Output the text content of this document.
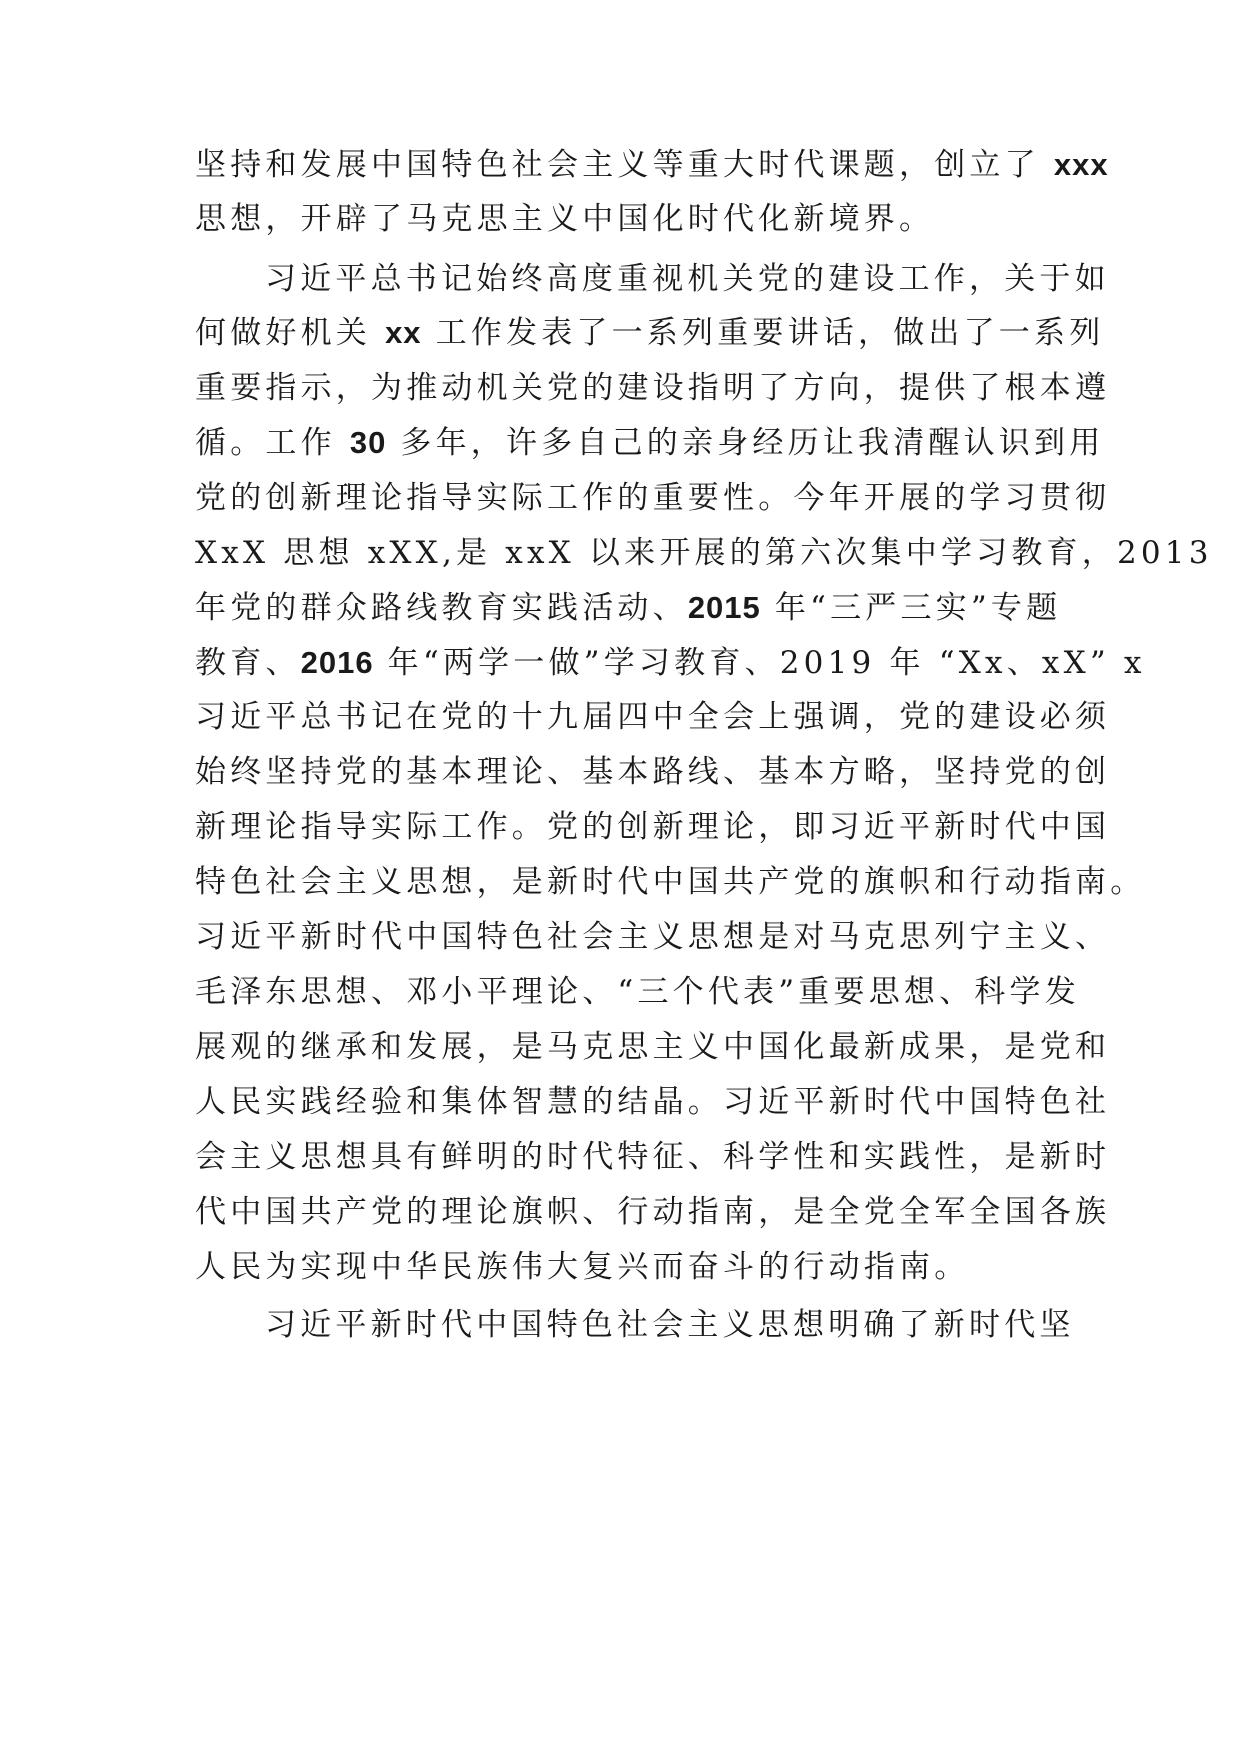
坚持和发展中国特色社会主义等重大时代课题，创立了 xxx
思想，开辟了马克思主义中国化时代化新境界。
习近平总书记始终高度重视机关党的建设工作，关于如
何做好机关 xx 工作发表了一系列重要讲话，做出了一系列
重要指示，为推动机关党的建设指明了方向，提供了根本遵
循。工作 30 多年，许多自己的亲身经历让我清醒认识到用
党的创新理论指导实际工作的重要性。今年开展的学习贯彻
XxX 思想 xXX,是 xxX 以来开展的第六次集中学习教育，2013
年党的群众路线教育实践活动、2015 年“三严三实”专题
教育、2016 年“两学一做”学习教育、2019 年 “Xx、xX” x
习近平总书记在党的十九届四中全会上强调，党的建设必须
始终坚持党的基本理论、基本路线、基本方略，坚持党的创
新理论指导实际工作。党的创新理论，即习近平新时代中国
特色社会主义思想，是新时代中国共产党的旗帜和行动指南。
习近平新时代中国特色社会主义思想是对马克思列宁主义、
毛泽东思想、邓小平理论、“三个代表”重要思想、科学发
展观的继承和发展，是马克思主义中国化最新成果，是党和
人民实践经验和集体智慧的结晶。习近平新时代中国特色社
会主义思想具有鲜明的时代特征、科学性和实践性，是新时
代中国共产党的理论旗帜、行动指南，是全党全军全国各族
人民为实现中华民族伟大复兴而奋斗的行动指南。
习近平新时代中国特色社会主义思想明确了新时代坚
